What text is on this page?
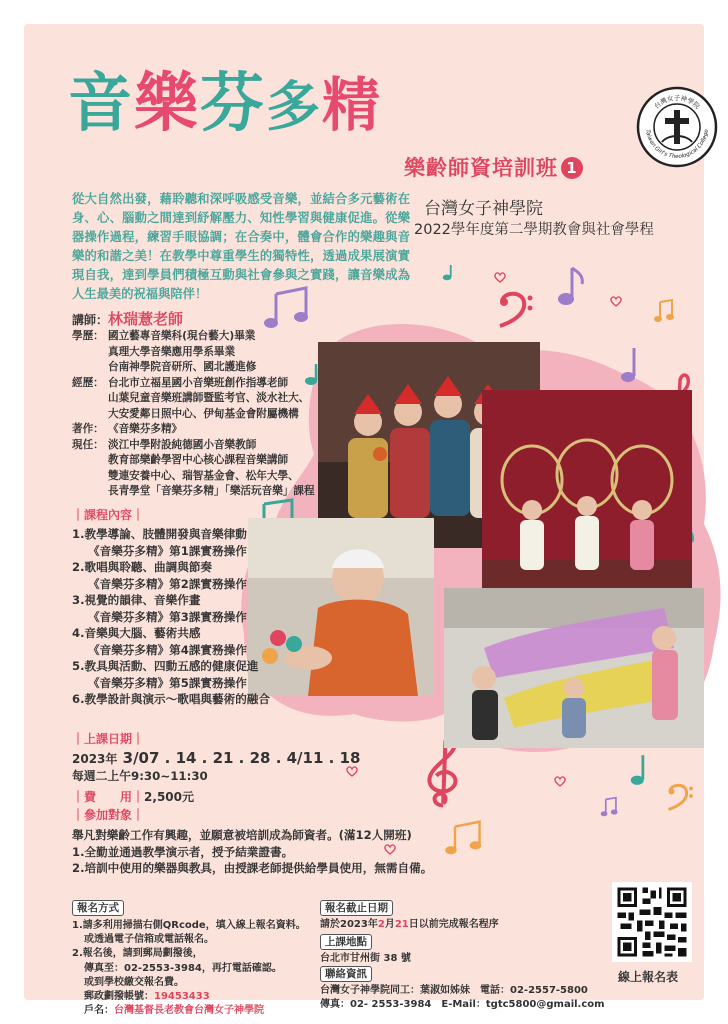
音樂芬多精
樂齡師資培訓班 1
台灣女子神學院
Taiwan Girl's Theological College
台灣女子神學院
2022學年度第二學期教會與社會學程
從大自然出發，藉聆聽和深呼吸感受音樂，並結合多元藝術在身、心、腦動之間達到紓解壓力、知性學習與健康促進。從樂器操作過程，練習手眼協調；在合奏中，體會合作的樂趣與音樂的和諧之美！在教學中尊重學生的獨特性，透過成果展演實現自我，達到學員們積極互動與社會參與之實踐，讓音樂成為人生最美的祝福與陪伴！
講師：林瑞薏老師
學歷： 國立藝專音樂科(現台藝大)畢業
真理大學音樂應用學系畢業
台南神學院音研所、國北護進修
經歷： 台北市立福星國小音樂班創作指導老師
山葉兒童音樂班講師暨監考官、淡水社大、
大安愛鄰日照中心、伊甸基金會附屬機構
著作： 《音樂芬多精》
現任： 淡江中學附設純德國小音樂教師
教育部樂齡學習中心核心課程音樂講師
雙連安養中心、瑞智基金會、松年大學、
長青學堂「音樂芬多精」「樂活玩音樂」課程
｜課程內容｜
1.教學導論、肢體開發與音樂律動
《音樂芬多精》第1課實務操作
2.歌唱與聆聽、曲調與節奏
《音樂芬多精》第2課實務操作
3.視覺的韻律、音樂作畫
《音樂芬多精》第3課實務操作
4.音樂與大腦、藝術共感
《音樂芬多精》第4課實務操作
5.教具與活動、四動五感的健康促進
《音樂芬多精》第5課實務操作
6.教學設計與演示～歌唱與藝術的融合
｜上課日期｜
2023年 3/07 . 14 . 21 . 28 . 4/11 . 18
每週二上午9:30~11:30
｜費　　用｜2,500元
｜參加對象｜
舉凡對樂齡工作有興趣，並願意被培訓成為師資者。(滿12人開班)
1.全勤並通過教學演示者，授予結業證書。
2.培訓中使用的樂器與教具，由授課老師提供給學員使用，無需自備。
報名方式
1.請多利用掃描右側QRcode，填入線上報名資料。
或透過電子信箱或電話報名。
2.報名後，請到郵局劃撥後，
傳真至：02-2553-3984，再打電話確認。
或到學校繳交報名費。
郵政劃撥帳號：19453433
戶名：台灣基督長老教會台灣女子神學院
報名截止日期
請於2023年2月21日以前完成報名程序
上課地點
台北市甘州街 38 號
聯絡資訊
台灣女子神學院同工：葉淑如姊妹　電話：02-2557-5800
傳真：02- 2553-3984　E-Mail：tgtc5800@gmail.com
線上報名表
